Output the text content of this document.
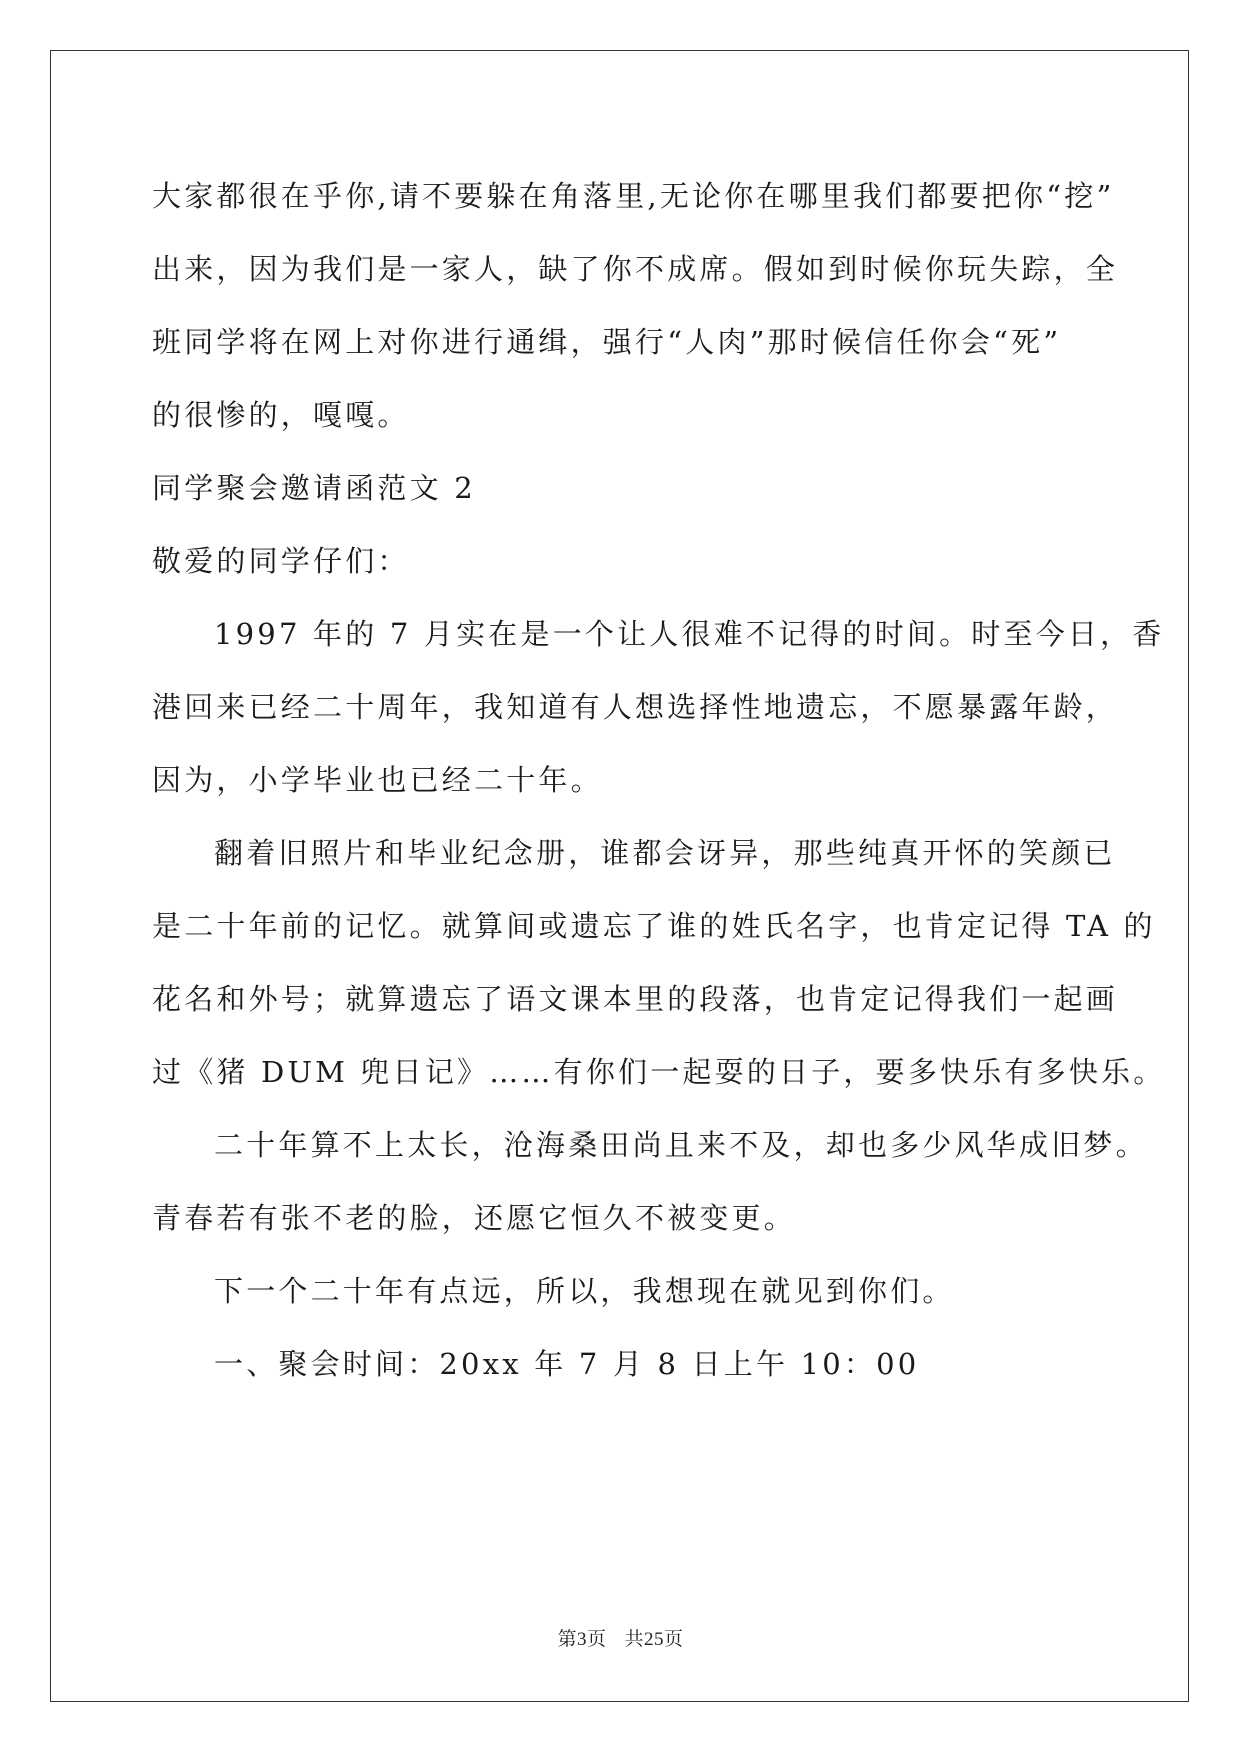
大家都很在乎你,请不要躲在角落里,无论你在哪里我们都要把你“挖”
出来，因为我们是一家人，缺了你不成席。假如到时候你玩失踪，全
班同学将在网上对你进行通缉，强行“人肉”那时候信任你会“死”
的很惨的，嘎嘎。
同学聚会邀请函范文 2
敬爱的同学仔们：
1997 年的 7 月实在是一个让人很难不记得的时间。时至今日，香
港回来已经二十周年，我知道有人想选择性地遗忘，不愿暴露年龄，
因为，小学毕业也已经二十年。
翻着旧照片和毕业纪念册，谁都会讶异，那些纯真开怀的笑颜已
是二十年前的记忆。就算间或遗忘了谁的姓氏名字，也肯定记得 TA 的
花名和外号；就算遗忘了语文课本里的段落，也肯定记得我们一起画
过《猪 DUM 兜日记》……有你们一起耍的日子，要多快乐有多快乐。
二十年算不上太长，沧海桑田尚且来不及，却也多少风华成旧梦。
青春若有张不老的脸，还愿它恒久不被变更。
下一个二十年有点远，所以，我想现在就见到你们。
一、聚会时间：20xx 年 7 月 8 日上午 10：00
第3页 共25页
